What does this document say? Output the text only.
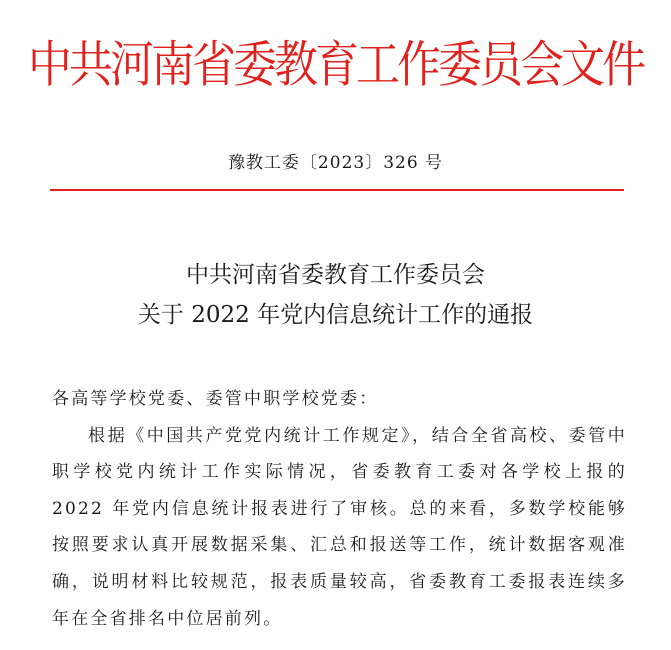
中共河南省委教育工作委员会文件
豫教工委〔2023〕326 号
中共河南省委教育工作委员会
关于 2022 年党内信息统计工作的通报

各高等学校党委、委管中职学校党委：

根据《中国共产党党内统计工作规定》，结合全省高校、委管中职学校党内统计工作实际情况，省委教育工委对各学校上报的 2022 年党内信息统计报表进行了审核。总的来看，多数学校能够按照要求认真开展数据采集、汇总和报送等工作，统计数据客观准确，说明材料比较规范，报表质量较高，省委教育工委报表连续多年在全省排名中位居前列。
